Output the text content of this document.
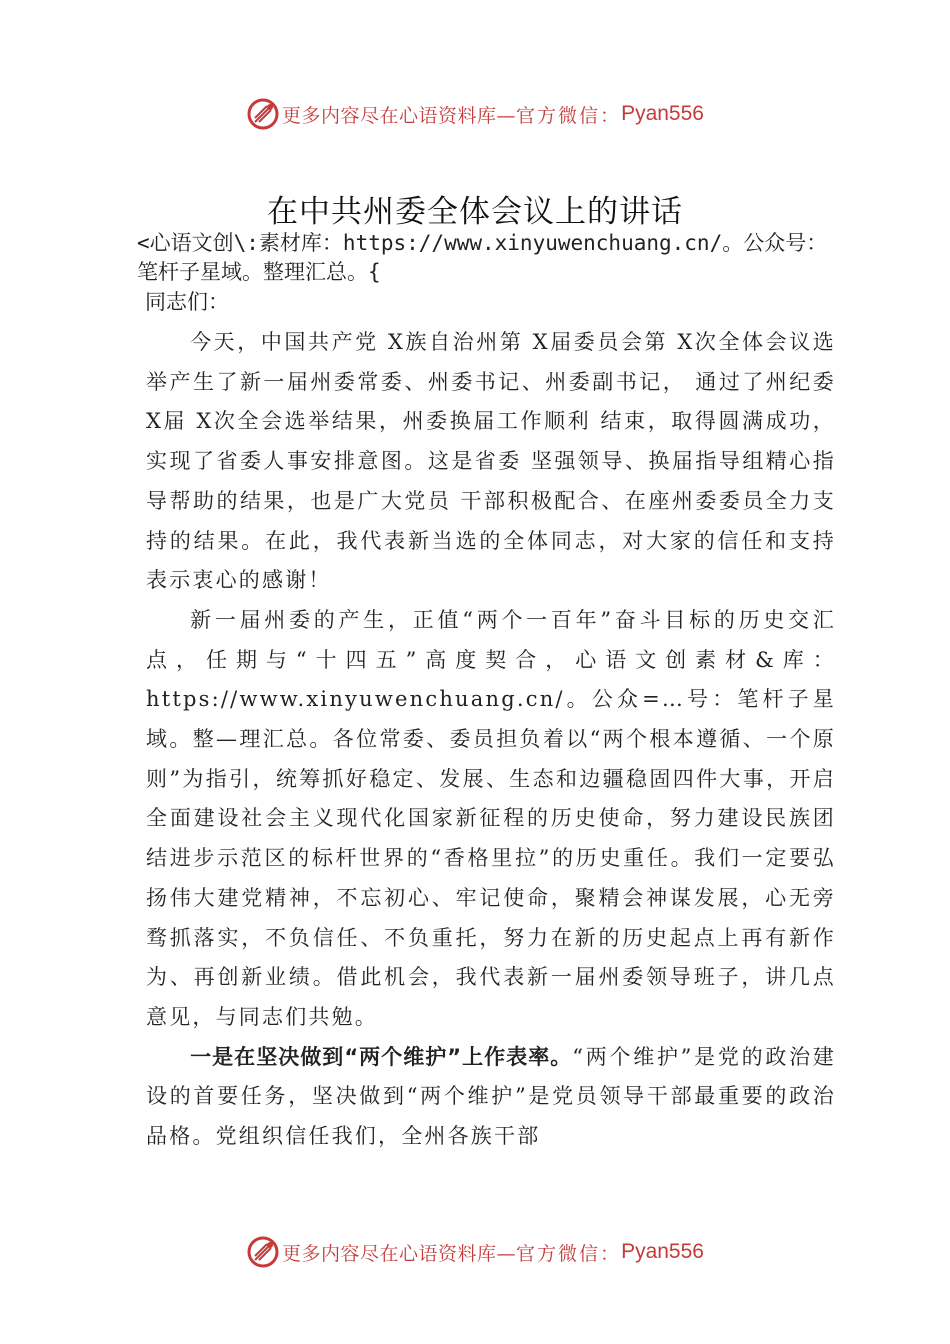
更多内容尽在心语资料库— 官方微信： Pyan556
在中共州委全体会议上的讲话

<心语文创\:素材库：https://www.xinyuwenchuang.cn/。公众号：笔杆子星域。整理汇总。{

同志们：

今天，中国共产党 X族自治州第 X届委员会第 X次全体会议选举产生了新一届州委常委、州委书记、州委副书记， 通过了州纪委 X届 X次全会选举结果，州委换届工作顺利 结束，取得圆满成功，实现了省委人事安排意图。这是省委 坚强领导、换届指导组精心指导帮助的结果，也是广大党员 干部积极配合、在座州委委员全力支持的结果。在此，我代表新当选的全体同志，对大家的信任和支持表示衷心的感谢！

新一届州委的产生，正值“两个一百年”奋斗目标的历史交汇点，任期与“十四五”高度契合，心语文创素材&库：https://www.xinyuwenchuang.cn/。公众=…号：笔杆子星域。整—理汇总。各位常委、委员担负着以“两个根本遵循、一个原则”为指引，统筹抓好稳定、发展、生态和边疆稳固四件大事，开启全面建设社会主义现代化国家新征程的历史使命，努力建设民族团结进步示范区的标杆世界的“香格里拉”的历史重任。我们一定要弘扬伟大建党精神，不忘初心、牢记使命，聚精会神谋发展，心无旁骛抓落实，不负信任、不负重托，努力在新的历史起点上再有新作为、再创新业绩。借此机会，我代表新一届州委领导班子，讲几点意见，与同志们共勉。

一是在坚决做到“两个维护”上作表率。“两个维护”是党的政治建设的首要任务，坚决做到“两个维护”是党员领导干部最重要的政治品格。党组织信任我们，全州各族干部

更多内容尽在心语资料库— 官方微信： Pyan556
